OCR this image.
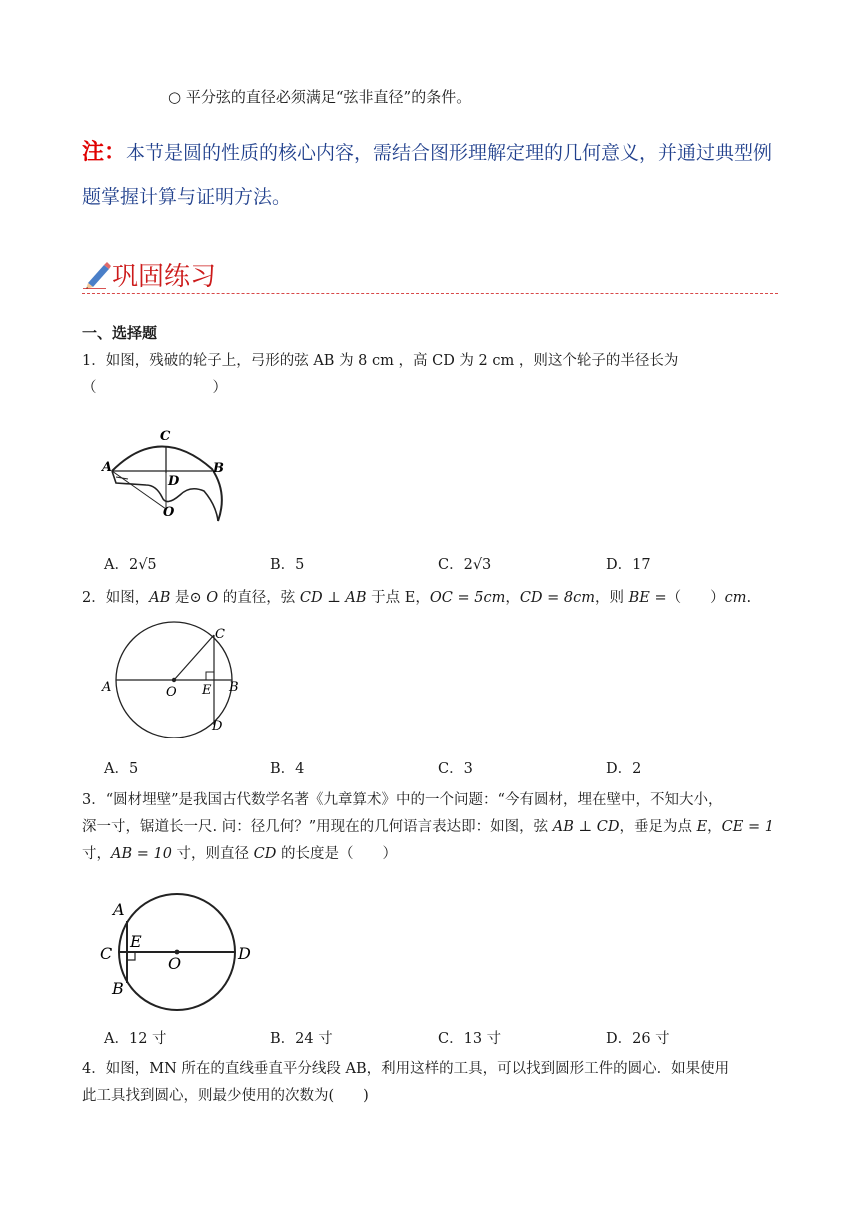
○ 平分弦的直径必须满足“弦非直径”的条件。
注：本节是圆的性质的核心内容，需结合图形理解定理的几何意义，并通过典型例题掌握计算与证明方法。
巩固练习
一、选择题
1．如图，残破的轮子上，弓形的弦 AB 为 8 cm ，高 CD 为 2 cm ，则这个轮子的半径长为
（　　　　　　　　）
C
A	B
D
O
A．2√5	B．5	C．2√3	D．17
2．如图，AB 是⊙ O 的直径，弦 CD ⊥ AB 于点 E，OC = 5cm，CD = 8cm，则 BE =（　　）cm.
C
A	O E B
D
A．5	B．4	C．3	D．2
3．“圆材埋壁”是我国古代数学名著《九章算术》中的一个问题：“今有圆材，埋在壁中，不知大小，
深一寸，锯道长一尺. 问：径几何？”用现在的几何语言表达即：如图，弦 AB ⊥ CD，垂足为点 E，CE = 1
寸，AB = 10 寸，则直径 CD 的长度是（　　）
A
C
E
O
D
B
A．12 寸	B．24 寸	C．13 寸	D．26 寸
4．如图，MN 所在的直线垂直平分线段 AB，利用这样的工具，可以找到圆形工件的圆心．如果使用
此工具找到圆心，则最少使用的次数为(　　)
